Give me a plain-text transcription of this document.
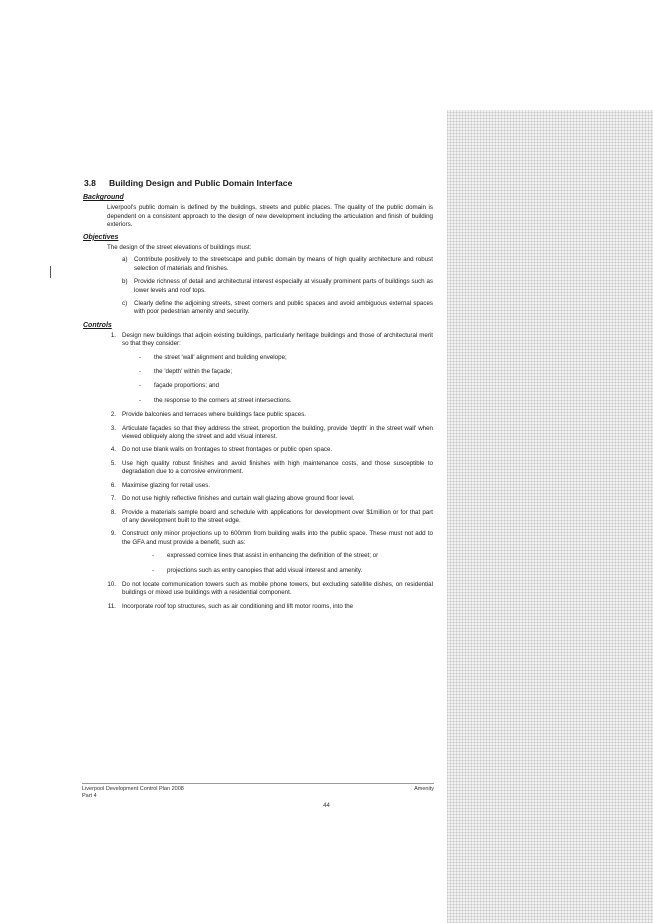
3.8 Building Design and Public Domain Interface
Background
Liverpool's public domain is defined by the buildings, streets and public places. The quality of the public domain is dependent on a consistent approach to the design of new development including the articulation and finish of building exteriors.
Objectives
The design of the street elevations of buildings must:
a)	Contribute positively to the streetscape and public domain by means of high quality architecture and robust selection of materials and finishes.
b)	Provide richness of detail and architectural interest especially at visually prominent parts of buildings such as lower levels and roof tops.
c)	Clearly define the adjoining streets, street corners and public spaces and avoid ambiguous external spaces with poor pedestrian amenity and security.
Controls
1. Design new buildings that adjoin existing buildings, particularly heritage buildings and those of architectural merit so that they consider:
-	the street 'wall' alignment and building envelope;
-	the 'depth' within the façade;
-	façade proportions; and
-	the response to the corners at street intersections.
2. Provide balconies and terraces where buildings face public spaces.
3. Articulate façades so that they address the street, proportion the building, provide 'depth' in the street wall' when viewed obliquely along the street and add visual interest.
4. Do not use blank walls on frontages to street frontages or public open space.
5. Use high quality robust finishes and avoid finishes with high maintenance costs, and those susceptible to degradation due to a corrosive environment.
6. Maximise glazing for retail uses.
7. Do not use highly reflective finishes and curtain wall glazing above ground floor level.
8. Provide a materials sample board and schedule with applications for development over $1million or for that part of any development built to the street edge.
9. Construct only minor projections up to 600mm from building walls into the public space. These must not add to the GFA and must provide a benefit, such as:
-	expressed cornice lines that assist in enhancing the definition of the street; or
-	projections such as entry canopies that add visual interest and amenity.
10. Do not locate communication towers such as mobile phone towers, but excluding satellite dishes, on residential buildings or mixed use buildings with a residential component.
11. Incorporate roof top structures, such as air conditioning and lift motor rooms, into the
Liverpool Development Control Plan 2008
Part 4
Amenity
44
